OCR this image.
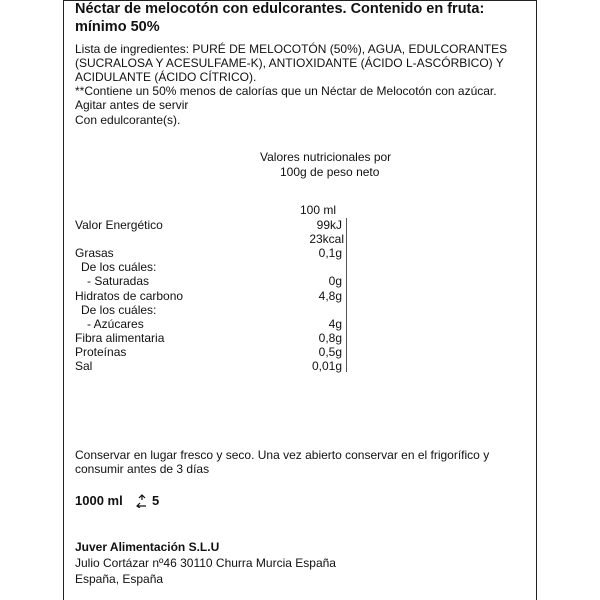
Néctar de melocotón con edulcorantes. Contenido en fruta:
mínimo 50%
Lista de ingredientes: PURÉ DE MELOCOTÓN (50%), AGUA, EDULCORANTES
(SUCRALOSA Y ACESULFAME-K), ANTIOXIDANTE (ÁCIDO L-ASCÓRBICO) Y
ACIDULANTE (ÁCIDO CÍTRICO).
**Contiene un 50% menos de calorías que un Néctar de Melocotón con azúcar.
Agitar antes de servir
Con edulcorante(s).
Valores nutricionales por
100g de peso neto
100 ml
Valor Energético	99kJ
23kcal
Grasas	0,1g
De los cuáles:
- Saturadas	0g
Hidratos de carbono	4,8g
De los cuáles:
- Azúcares	4g
Fibra alimentaria	0,8g
Proteínas	0,5g
Sal	0,01g
Conservar en lugar fresco y seco. Una vez abierto conservar en el frigorífico y
consumir antes de 3 días
1000 ml 5
Juver Alimentación S.L.U
Julio Cortázar nº46 30110 Churra Murcia España
España, España
